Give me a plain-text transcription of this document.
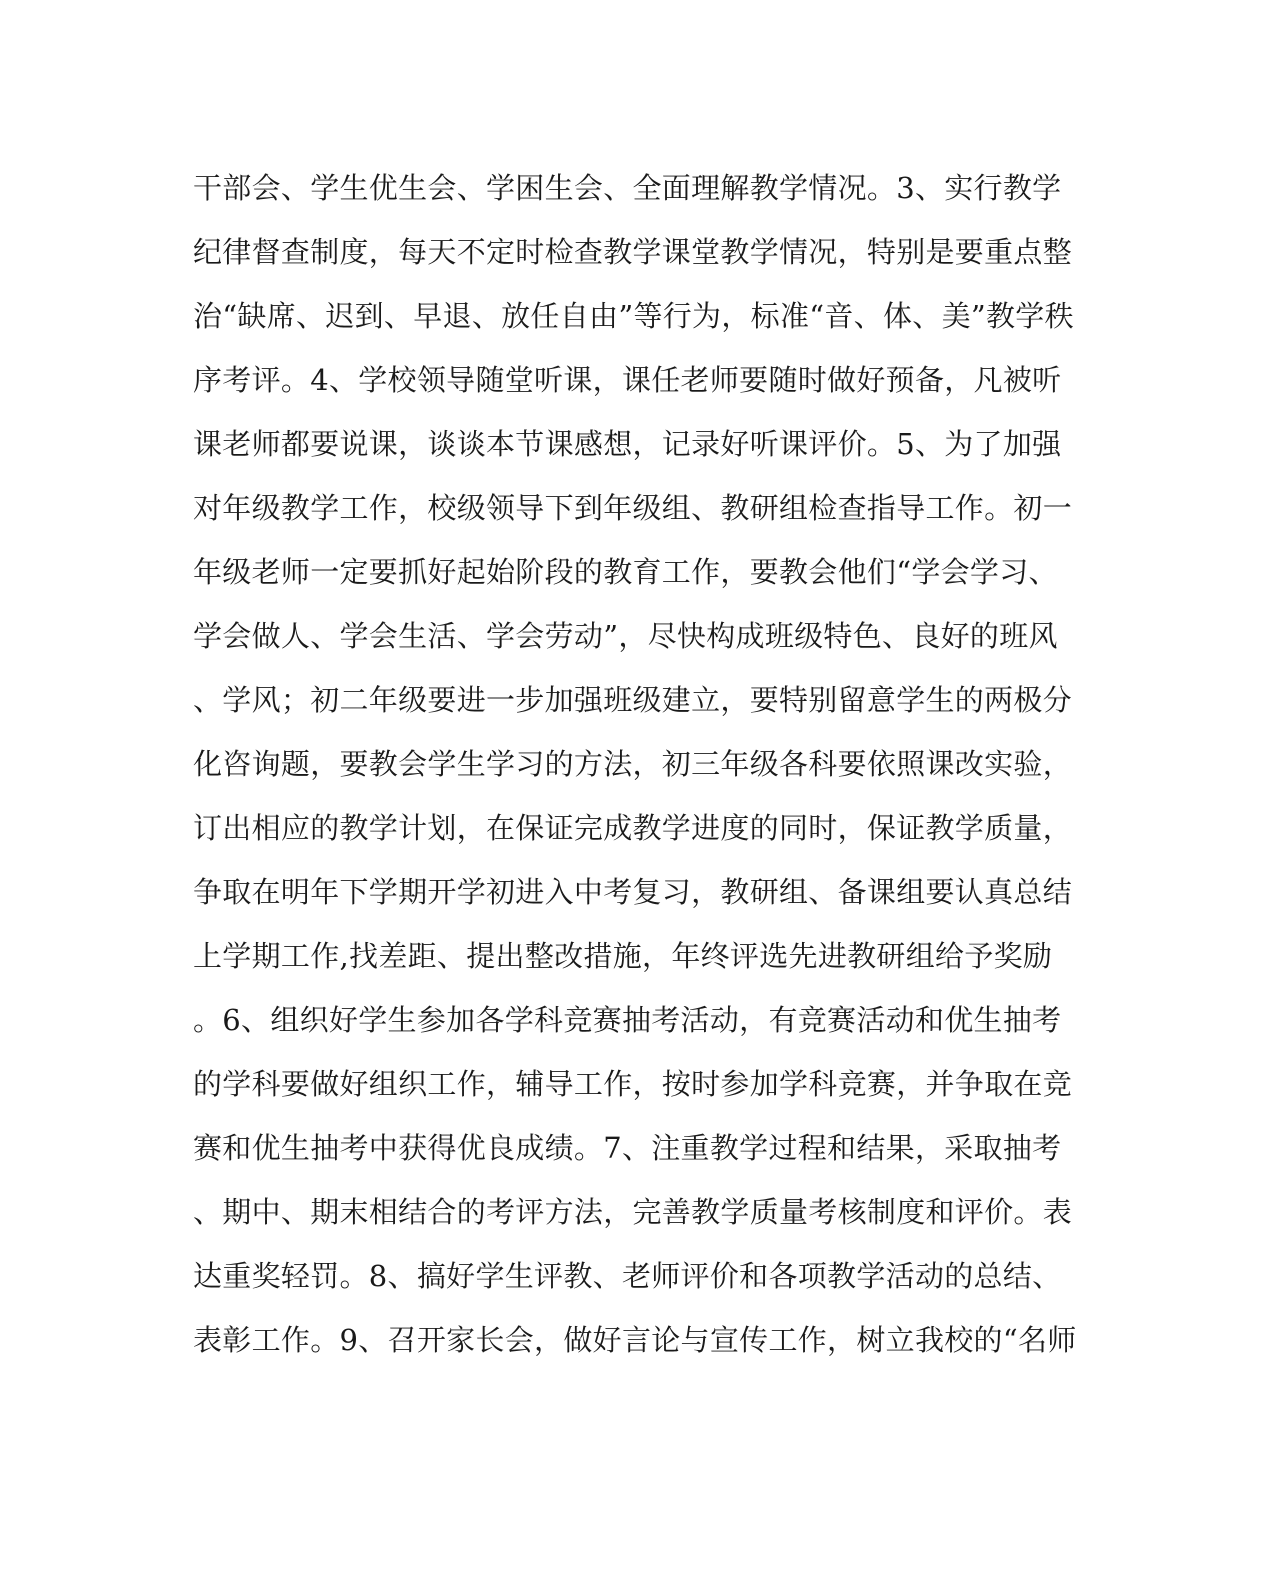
干部会、学生优生会、学困生会、全面理解教学情况。3、实行教学
纪律督查制度，每天不定时检查教学课堂教学情况，特别是要重点整
治“缺席、迟到、早退、放任自由”等行为，标准“音、体、美”教学秩
序考评。4、学校领导随堂听课，课任老师要随时做好预备，凡被听
课老师都要说课，谈谈本节课感想，记录好听课评价。5、为了加强
对年级教学工作，校级领导下到年级组、教研组检查指导工作。初一
年级老师一定要抓好起始阶段的教育工作，要教会他们“学会学习、
学会做人、学会生活、学会劳动”，尽快构成班级特色、良好的班风
、学风；初二年级要进一步加强班级建立，要特别留意学生的两极分
化咨询题，要教会学生学习的方法，初三年级各科要依照课改实验，
订出相应的教学计划，在保证完成教学进度的同时，保证教学质量，
争取在明年下学期开学初进入中考复习，教研组、备课组要认真总结
上学期工作,找差距、提出整改措施，年终评选先进教研组给予奖励
。6、组织好学生参加各学科竞赛抽考活动，有竞赛活动和优生抽考
的学科要做好组织工作，辅导工作，按时参加学科竞赛，并争取在竞
赛和优生抽考中获得优良成绩。7、注重教学过程和结果，采取抽考
、期中、期末相结合的考评方法，完善教学质量考核制度和评价。表
达重奖轻罚。8、搞好学生评教、老师评价和各项教学活动的总结、
表彰工作。9、召开家长会，做好言论与宣传工作，树立我校的“名师
